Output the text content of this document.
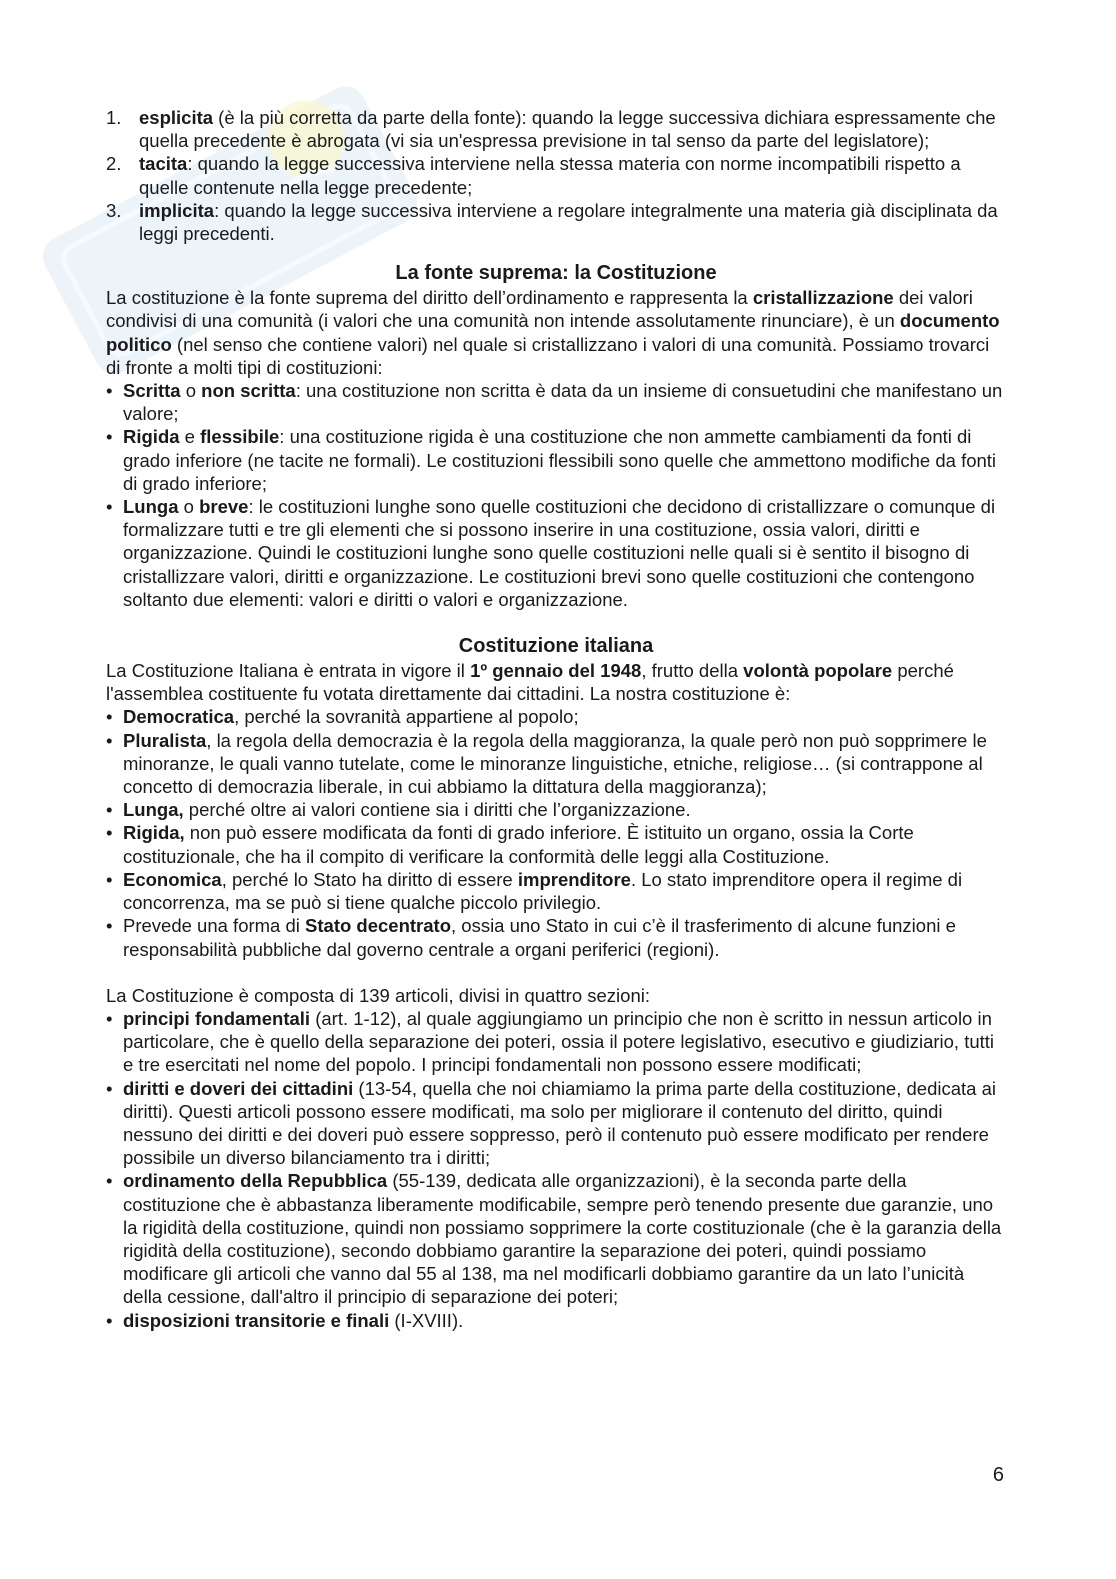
1. esplicita (è la più corretta da parte della fonte): quando la legge successiva dichiara espressamente che quella precedente è abrogata (vi sia un'espressa previsione in tal senso da parte del legislatore);
2. tacita: quando la legge successiva interviene nella stessa materia con norme incompatibili rispetto a quelle contenute nella legge precedente;
3. implicita: quando la legge successiva interviene a regolare integralmente una materia già disciplinata da leggi precedenti.
La fonte suprema: la Costituzione

La costituzione è la fonte suprema del diritto dell’ordinamento e rappresenta la cristallizzazione dei valori condivisi di una comunità (i valori che una comunità non intende assolutamente rinunciare), è un documento politico (nel senso che contiene valori) nel quale si cristallizzano i valori di una comunità. Possiamo trovarci di fronte a molti tipi di costituzioni:

• Scritta o non scritta: una costituzione non scritta è data da un insieme di consuetudini che manifestano un valore;
• Rigida e flessibile: una costituzione rigida è una costituzione che non ammette cambiamenti da fonti di grado inferiore (ne tacite ne formali). Le costituzioni flessibili sono quelle che ammettono modifiche da fonti di grado inferiore;
• Lunga o breve: le costituzioni lunghe sono quelle costituzioni che decidono di cristallizzare o comunque di formalizzare tutti e tre gli elementi che si possono inserire in una costituzione, ossia valori, diritti e organizzazione. Quindi le costituzioni lunghe sono quelle costituzioni nelle quali si è sentito il bisogno di cristallizzare valori, diritti e organizzazione. Le costituzioni brevi sono quelle costituzioni che contengono soltanto due elementi: valori e diritti o valori e organizzazione.
Costituzione italiana

La Costituzione Italiana è entrata in vigore il 1º gennaio del 1948, frutto della volontà popolare perché l'assemblea costituente fu votata direttamente dai cittadini. La nostra costituzione è:

• Democratica, perché la sovranità appartiene al popolo;
• Pluralista, la regola della democrazia è la regola della maggioranza, la quale però non può sopprimere le minoranze, le quali vanno tutelate, come le minoranze linguistiche, etniche, religiose… (si contrappone al concetto di democrazia liberale, in cui abbiamo la dittatura della maggioranza);
• Lunga, perché oltre ai valori contiene sia i diritti che l’organizzazione.
• Rigida, non può essere modificata da fonti di grado inferiore. È istituito un organo, ossia la Corte costituzionale, che ha il compito di verificare la conformità delle leggi alla Costituzione.
• Economica, perché lo Stato ha diritto di essere imprenditore. Lo stato imprenditore opera il regime di concorrenza, ma se può si tiene qualche piccolo privilegio.
• Prevede una forma di Stato decentrato, ossia uno Stato in cui c’è il trasferimento di alcune funzioni e responsabilità pubbliche dal governo centrale a organi periferici (regioni).

La Costituzione è composta di 139 articoli, divisi in quattro sezioni:

• principi fondamentali (art. 1-12), al quale aggiungiamo un principio che non è scritto in nessun articolo in particolare, che è quello della separazione dei poteri, ossia il potere legislativo, esecutivo e giudiziario, tutti e tre esercitati nel nome del popolo. I principi fondamentali non possono essere modificati;
• diritti e doveri dei cittadini (13-54, quella che noi chiamiamo la prima parte della costituzione, dedicata ai diritti). Questi articoli possono essere modificati, ma solo per migliorare il contenuto del diritto, quindi nessuno dei diritti e dei doveri può essere soppresso, però il contenuto può essere modificato per rendere possibile un diverso bilanciamento tra i diritti;
• ordinamento della Repubblica (55-139, dedicata alle organizzazioni), è la seconda parte della costituzione che è abbastanza liberamente modificabile, sempre però tenendo presente due garanzie, uno la rigidità della costituzione, quindi non possiamo sopprimere la corte costituzionale (che è la garanzia della rigidità della costituzione), secondo dobbiamo garantire la separazione dei poteri, quindi possiamo modificare gli articoli che vanno dal 55 al 138, ma nel modificarli dobbiamo garantire da un lato l’unicità della cessione, dall'altro il principio di separazione dei poteri;
• disposizioni transitorie e finali (I-XVIII).
6
